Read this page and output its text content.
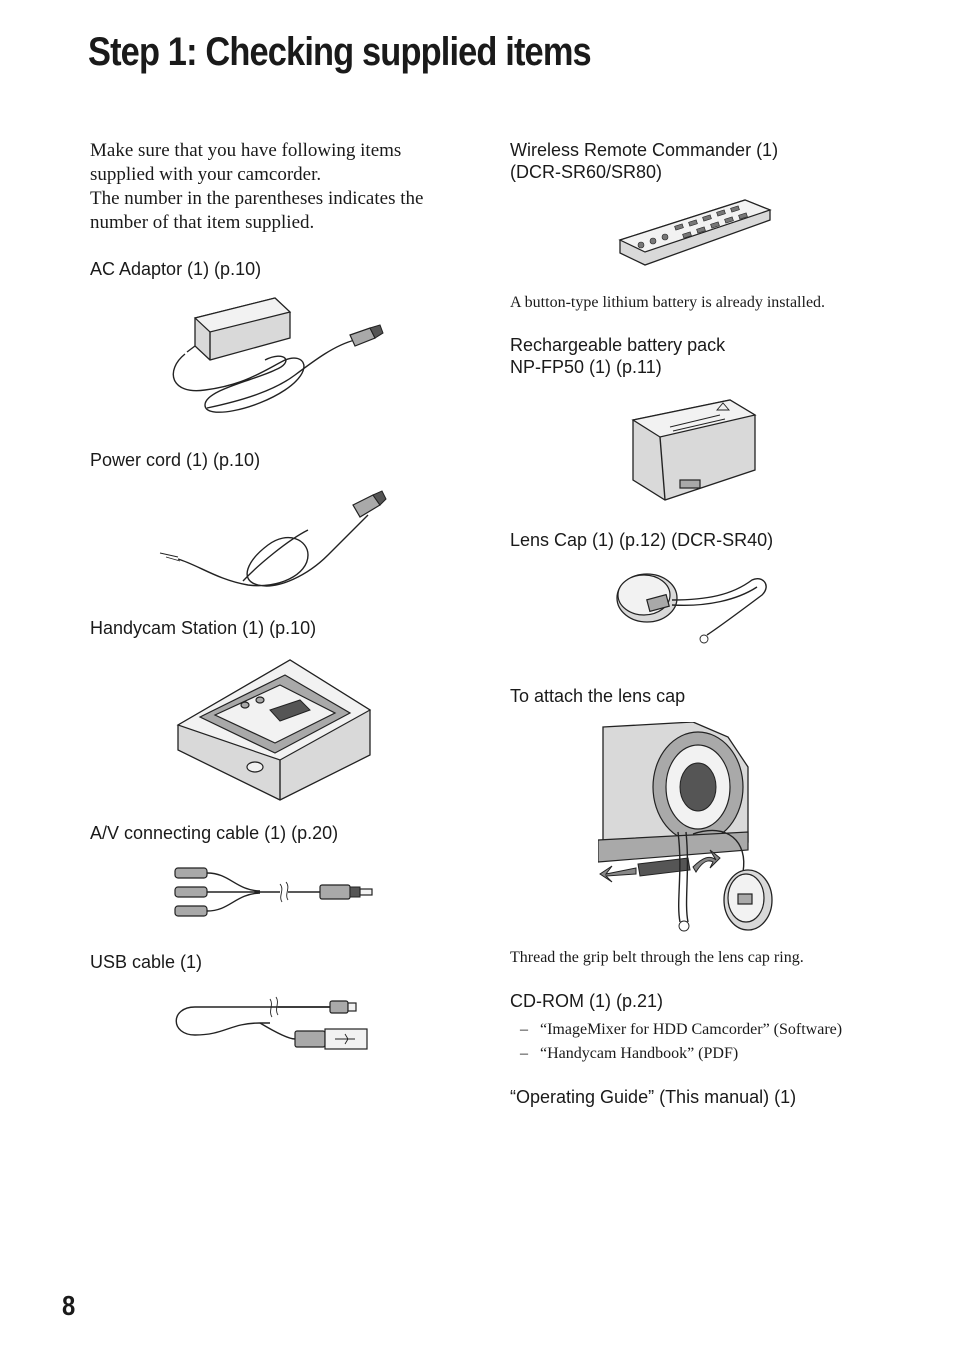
Step 1: Checking supplied items

Make sure that you have following items

supplied with your camcorder.

The number in the parentheses indicates the

number of that item supplied.

AC Adaptor (1) (p.10)

Power cord (1) (p.10)

Handycam Station (1) (p.10)

A/V connecting cable (1) (p.20)

USB cable (1)

Wireless Remote Commander (1)

(DCR-SR60/SR80)

A button-type lithium battery is already installed.

Rechargeable battery pack

NP-FP50 (1) (p.11)

Lens Cap (1) (p.12) (DCR-SR40)

To attach the lens cap

Thread the grip belt through the lens cap ring.

CD-ROM (1) (p.21)

– “ImageMixer for HDD Camcorder” (Software)
– “Handycam Handbook” (PDF)

“Operating Guide” (This manual) (1)

8
